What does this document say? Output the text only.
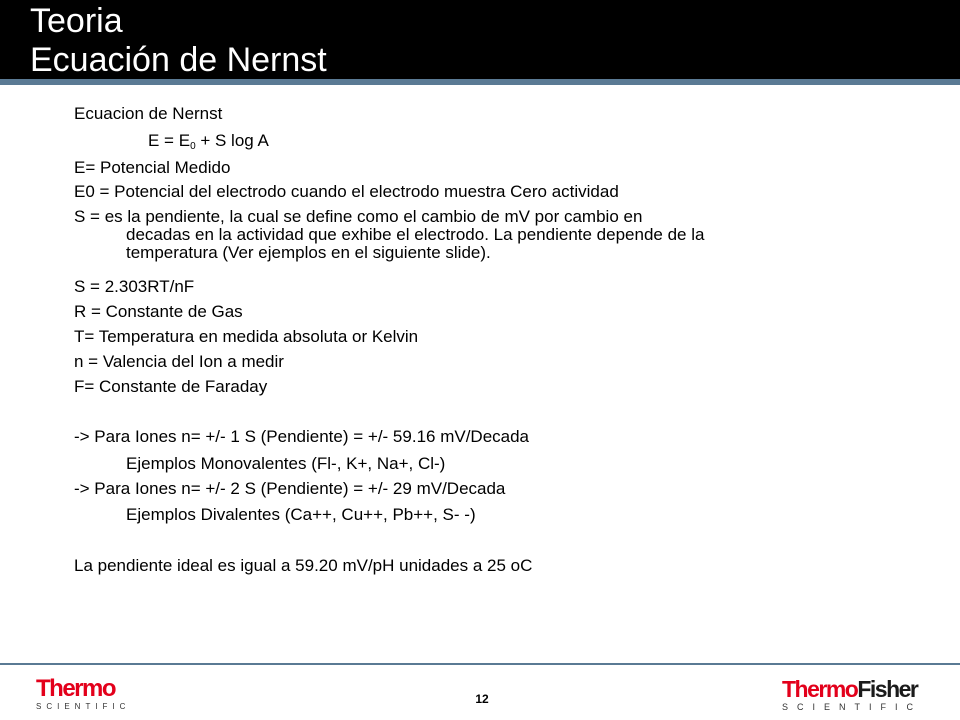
Teoria
Ecuación de Nernst
Ecuacion de Nernst
$E = E_0 + S$ log A
E= Potencial Medido
E0 = Potencial del electrodo cuando el electrodo muestra Cero actividad
S = es la pendiente, la cual se define como el cambio de mV por cambio en
decadas en la actividad que exhibe el electrodo. La pendiente depende de la
temperatura (Ver ejemplos en el siguiente slide).
S = 2.303RT/nF
R = Constante de Gas
T= Temperatura en medida absoluta or Kelvin
n = Valencia del Ion a medir
F= Constante de Faraday
-> Para Iones n= +/- 1 S (Pendiente) = +/- 59.16 mV/Decada
Ejemplos Monovalentes (Fl-, K+, Na+, Cl-)
-> Para Iones n= +/- 2 S (Pendiente) = +/- 29 mV/Decada
Ejemplos Divalentes (Ca++, Cu++, Pb++, S- -)
La pendiente ideal es igual a 59.20 mV/pH unidades a 25 oC
Thermo
SCIENTIFIC
12	ThermoFisher
SCIENTIFIC
